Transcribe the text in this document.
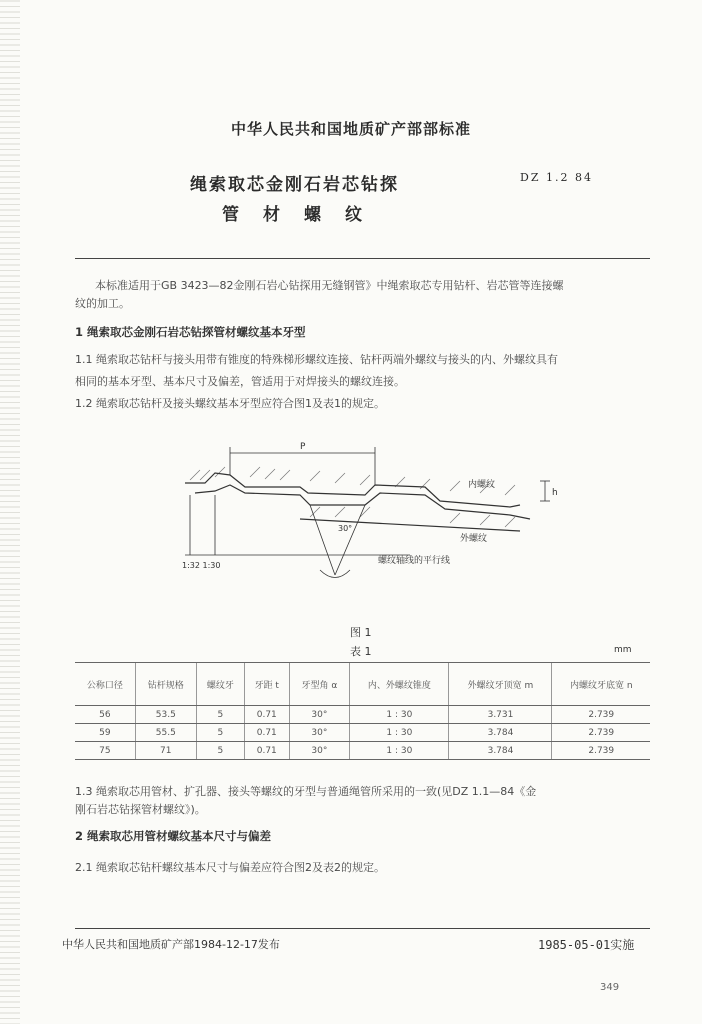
中华人民共和国地质矿产部部标准
绳索取芯金刚石岩芯钻探
管材螺纹
DZ 1.2 84
本标准适用于GB 3423—82金刚石岩心钻探用无缝钢管》中绳索取芯专用钻杆、岩芯管等连接螺
纹的加工。
1 绳索取芯金刚石岩芯钻探管材螺纹基本牙型
1.1 绳索取芯钻杆与接头用带有锥度的特殊梯形螺纹连接、钻杆两端外螺纹与接头的内、外螺纹具有
相同的基本牙型、基本尺寸及偏差，管适用于对焊接头的螺纹连接。
1.2 绳索取芯钻杆及接头螺纹基本牙型应符合图1及表1的规定。
P
h
30°
内螺纹
外螺纹
螺纹轴线的平行线
1:32 1:30
图 1
表 1	mm
公称口径	钻杆规格	螺纹牙	牙距 t	牙型角 α	内、外螺纹锥度	外螺纹牙顶宽 m	内螺纹牙底宽 n
56	53.5	5	0.71	30°	1 : 30	3.731	2.739
59	55.5	5	0.71	30°	1 : 30	3.784	2.739
75	71	5	0.71	30°	1 : 30	3.784	2.739
1.3 绳索取芯用管材、扩孔器、接头等螺纹的牙型与普通绳管所采用的一致(见DZ 1.1—84《金
刚石岩芯钻探管材螺纹》)。
2 绳索取芯用管材螺纹基本尺寸与偏差
2.1 绳索取芯钻杆螺纹基本尺寸与偏差应符合图2及表2的规定。
中华人民共和国地质矿产部1984-12-17发布	1985-05-01实施
349
